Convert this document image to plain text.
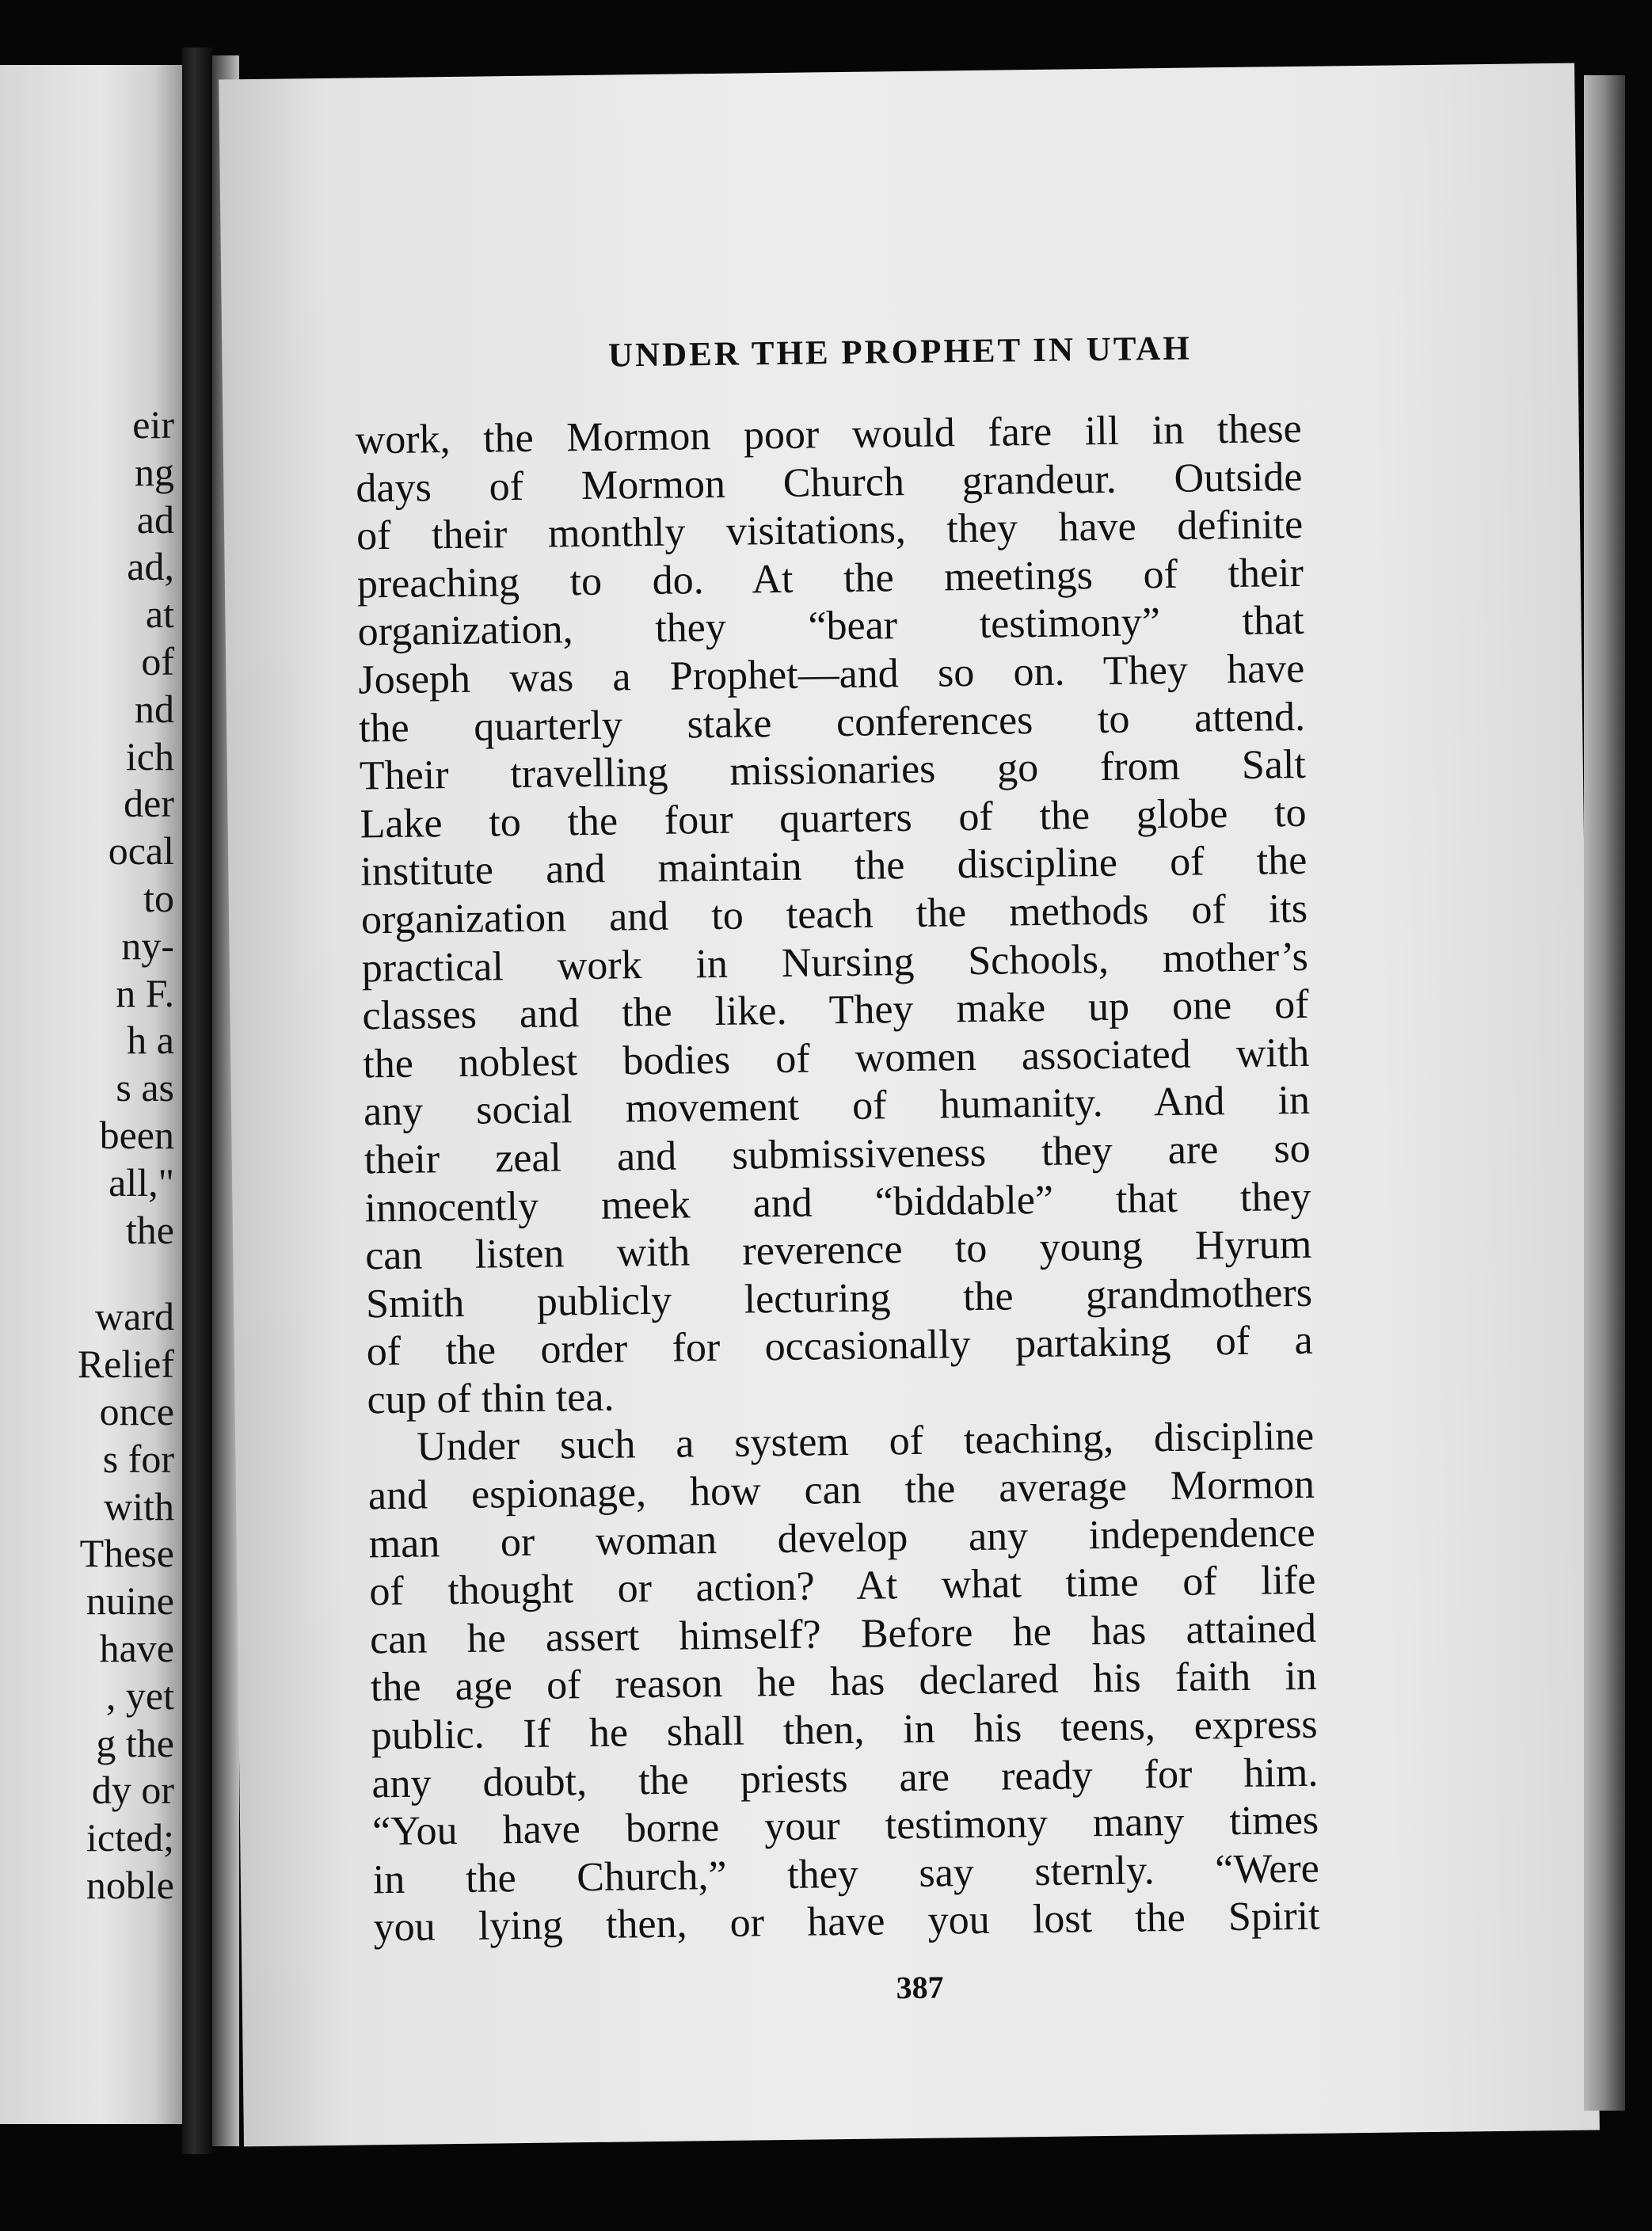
eir
ng
ad
ad,
at
of
nd
ich
der
ocal
to
ny-
n F.
h a
s as
been
all,"
the
ward
Relief
once
s for
with
These
nuine
have
, yet
g the
dy or
icted;
noble
UNDER THE PROPHET IN UTAH
work, the Mormon poor would fare ill in these
days of Mormon Church grandeur. Outside
of their monthly visitations, they have definite
preaching to do. At the meetings of their
organization, they “bear testimony” that
Joseph was a Prophet—and so on. They have
the quarterly stake conferences to attend.
Their travelling missionaries go from Salt
Lake to the four quarters of the globe to
institute and maintain the discipline of the
organization and to teach the methods of its
practical work in Nursing Schools, mother’s
classes and the like. They make up one of
the noblest bodies of women associated with
any social movement of humanity. And in
their zeal and submissiveness they are so
innocently meek and “biddable” that they
can listen with reverence to young Hyrum
Smith publicly lecturing the grandmothers
of the order for occasionally partaking of a
cup of thin tea.
Under such a system of teaching, discipline
and espionage, how can the average Mormon
man or woman develop any independence
of thought or action? At what time of life
can he assert himself? Before he has attained
the age of reason he has declared his faith in
public. If he shall then, in his teens, express
any doubt, the priests are ready for him.
“You have borne your testimony many times
in the Church,” they say sternly. “Were
you lying then, or have you lost the Spirit
387
